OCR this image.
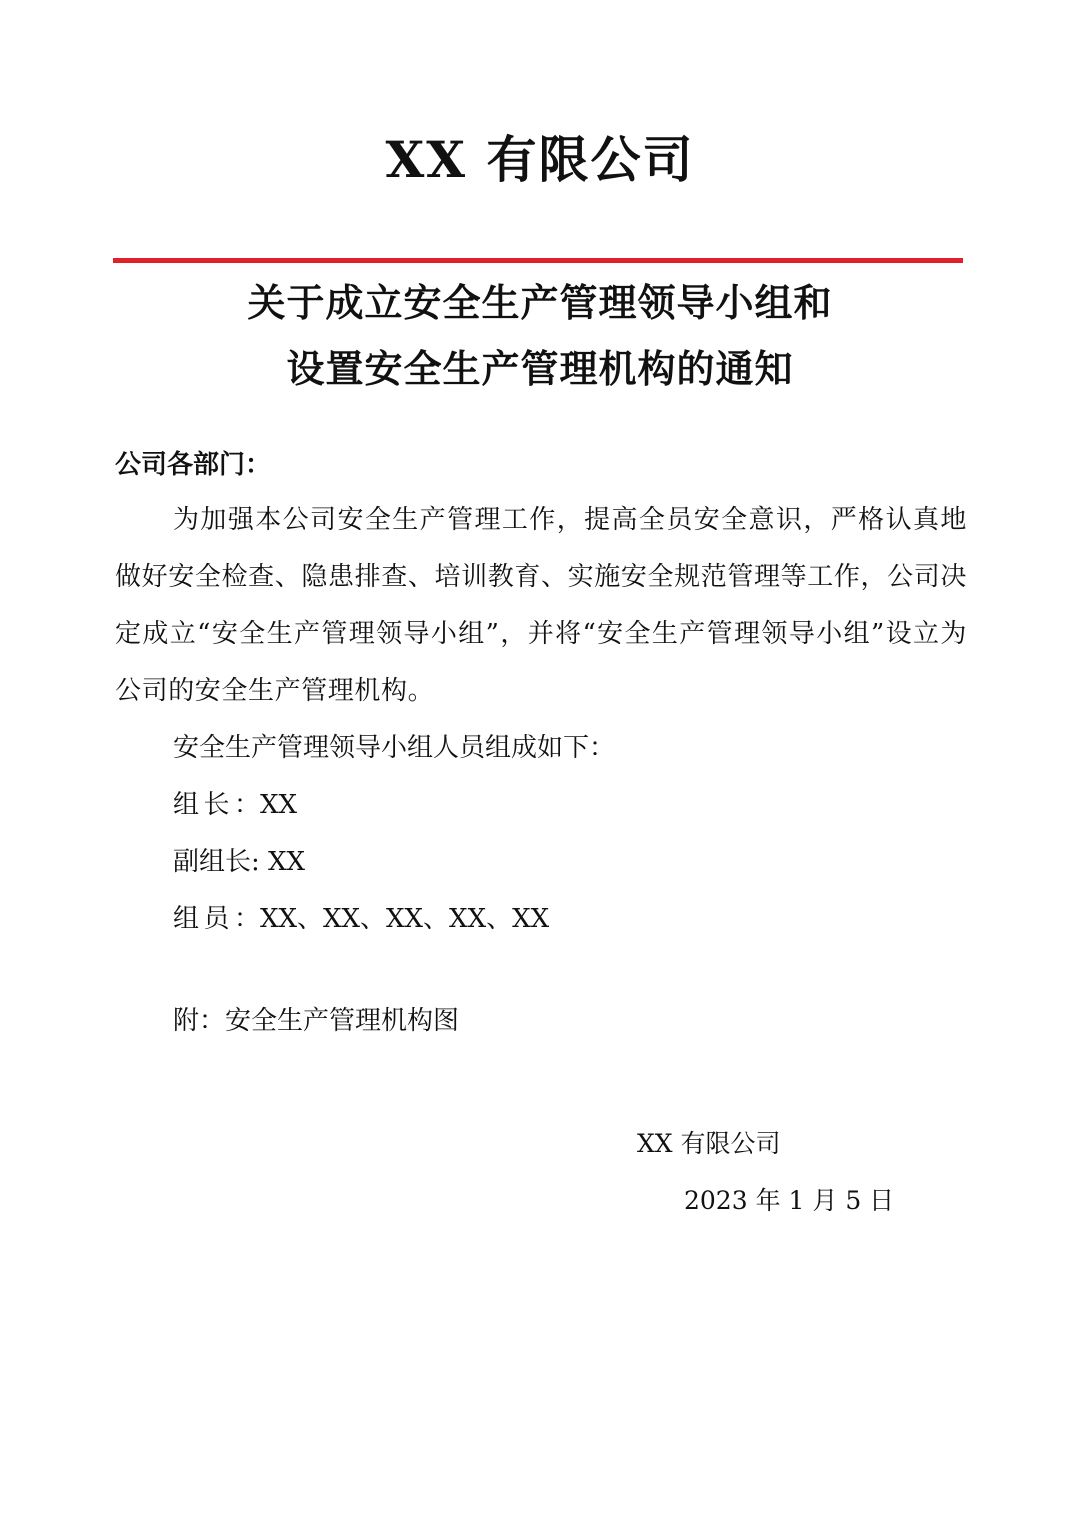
XX 有限公司
关于成立安全生产管理领导小组和
设置安全生产管理机构的通知
公司各部门：
为加强本公司安全生产管理工作，提高全员安全意识，严格认真地做好安全检查、隐患排查、培训教育、实施安全规范管理等工作，公司决定成立“安全生产管理领导小组”，并将“安全生产管理领导小组”设立为公司的安全生产管理机构。
安全生产管理领导小组人员组成如下：
组长：XX
副组长: XX
组员：XX、XX、XX、XX、XX
附：安全生产管理机构图
XX 有限公司
2023 年 1 月 5 日
